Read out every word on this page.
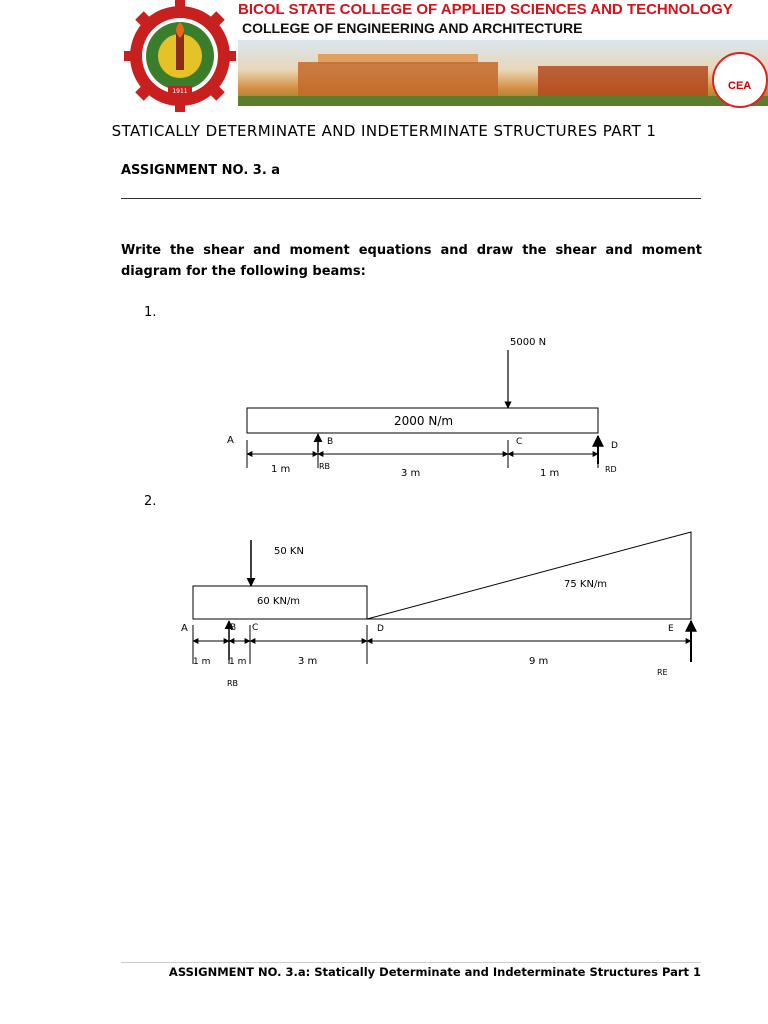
1911	CEA
BICOL STATE COLLEGE OF APPLIED SCIENCES AND TECHNOLOGY
COLLEGE OF ENGINEERING AND ARCHITECTURE
STATICALLY DETERMINATE AND INDETERMINATE STRUCTURES PART 1
ASSIGNMENT NO. 3. a
Write the shear and moment equations and draw the shear and moment diagram for the following beams:
1.
2.
5000 N
2000 N/m
A	B	C	D
RB	RD
1 m	3 m	1 m
50 KN
60 KN/m
75 KN/m
A	B C	D	E
RB
RE
1 m 1 m	3 m	9 m
ASSIGNMENT NO. 3.a: Statically Determinate and Indeterminate Structures Part 1
